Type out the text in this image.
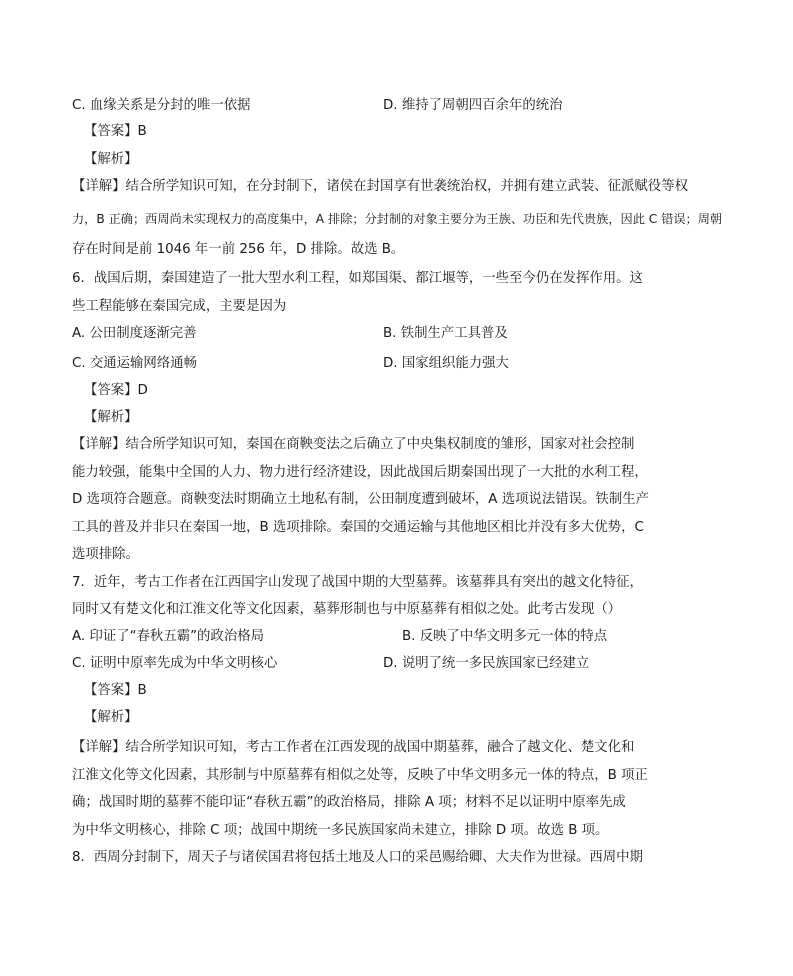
C. 血缘关系是分封的唯一依据	D. 维持了周朝四百余年的统治
【答案】B
【解析】
【详解】结合所学知识可知，在分封制下，诸侯在封国享有世袭统治权，并拥有建立武装、征派赋役等权
力，B 正确；西周尚未实现权力的高度集中，A 排除；分封制的对象主要分为王族、功臣和先代贵族，因此 C 错误；周朝
存在时间是前 1046 年一前 256 年，D 排除。故选 B。
6．战国后期，秦国建造了一批大型水利工程，如郑国渠、都江堰等，一些至今仍在发挥作用。这
些工程能够在秦国完成，主要是因为
A. 公田制度逐渐完善	B. 铁制生产工具普及
C. 交通运输网络通畅	D. 国家组织能力强大
【答案】D
【解析】
【详解】结合所学知识可知，秦国在商鞅变法之后确立了中央集权制度的雏形，国家对社会控制
能力较强，能集中全国的人力、物力进行经济建设，因此战国后期秦国出现了一大批的水利工程，
D 选项符合题意。商鞅变法时期确立土地私有制，公田制度遭到破坏，A 选项说法错误。铁制生产
工具的普及并非只在秦国一地，B 选项排除。秦国的交通运输与其他地区相比并没有多大优势，C
选项排除。
7．近年，考古工作者在江西国字山发现了战国中期的大型墓葬。该墓葬具有突出的越文化特征，
同时又有楚文化和江淮文化等文化因素，墓葬形制也与中原墓葬有相似之处。此考古发现（）
A. 印证了“春秋五霸”的政治格局	B. 反映了中华文明多元一体的特点
C. 证明中原率先成为中华文明核心	D. 说明了统一多民族国家已经建立
【答案】B
【解析】
【详解】结合所学知识可知，考古工作者在江西发现的战国中期墓葬，融合了越文化、楚文化和
江淮文化等文化因素，其形制与中原墓葬有相似之处等，反映了中华文明多元一体的特点，B 项正
确；战国时期的墓葬不能印证“春秋五霸”的政治格局，排除 A 项；材料不足以证明中原率先成
为中华文明核心，排除 C 项；战国中期统一多民族国家尚未建立，排除 D 项。故选 B 项。
8．西周分封制下，周天子与诸侯国君将包括土地及人口的采邑赐给卿、大夫作为世禄。西周中期
